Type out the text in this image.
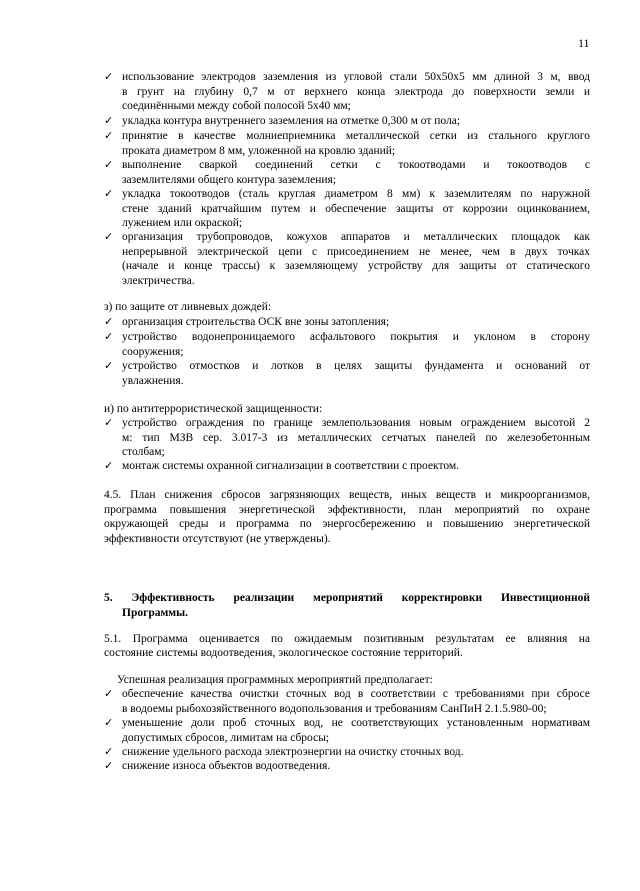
11
✓ использование электродов заземления из угловой стали 50х50х5 мм длиной 3 м, ввод
в грунт на глубину 0,7 м от верхнего конца электрода до поверхности земли и
соединёнными между собой полосой 5х40 мм;
✓ укладка контура внутреннего заземления на отметке 0,300 м от пола;
✓ принятие в качестве молниеприемника металлической сетки из стального круглого
проката диаметром 8 мм, уложенной на кровлю зданий;
✓ выполнение сваркой соединений сетки с токоотводами и токоотводов с
заземлителями общего контура заземления;
✓ укладка токоотводов (сталь круглая диаметром 8 мм) к заземлителям по наружной
стене зданий кратчайшим путем и обеспечение защиты от коррозии оцинкованием,
лужением или окраской;
✓ организация трубопроводов, кожухов аппаратов и металлических площадок как
непрерывной электрической цепи с присоединением не менее, чем в двух точках
(начале и конце трассы) к заземляющему устройству для защиты от статического
электричества.
з) по защите от ливневых дождей:
✓ организация строительства ОСК вне зоны затопления;
✓ устройство водонепроницаемого асфальтового покрытия и уклоном в сторону
сооружения;
✓ устройство отмостков и лотков в целях защиты фундамента и оснований от
увлажнения.
и) по антитеррористической защищенности:
✓ устройство ограждения по границе землепользования новым ограждением высотой 2
м: тип МЗВ сер. 3.017-3 из металлических сетчатых панелей по железобетонным
столбам;
✓ монтаж системы охранной сигнализации в соответствии с проектом.
4.5. План снижения сбросов загрязняющих веществ, иных веществ и микроорганизмов,
программа повышения энергетической эффективности, план мероприятий по охране
окружающей среды и программа по энергосбережению и повышению энергетической
эффективности отсутствуют (не утверждены).
5. Эффективность реализации мероприятий корректировки Инвестиционной
Программы.
5.1. Программа оценивается по ожидаемым позитивным результатам ее влияния на
состояние системы водоотведения, экологическое состояние территорий.
Успешная реализация программных мероприятий предполагает:
✓ обеспечение качества очистки сточных вод в соответствии с требованиями при сбросе
в водоемы рыбохозяйственного водопользования и требованиям СанПиН 2.1.5.980-00;
✓ уменьшение доли проб сточных вод, не соответствующих установленным нормативам
допустимых сбросов, лимитам на сбросы;
✓ снижение удельного расхода электроэнергии на очистку сточных вод.
✓ снижение износа объектов водоотведения.
